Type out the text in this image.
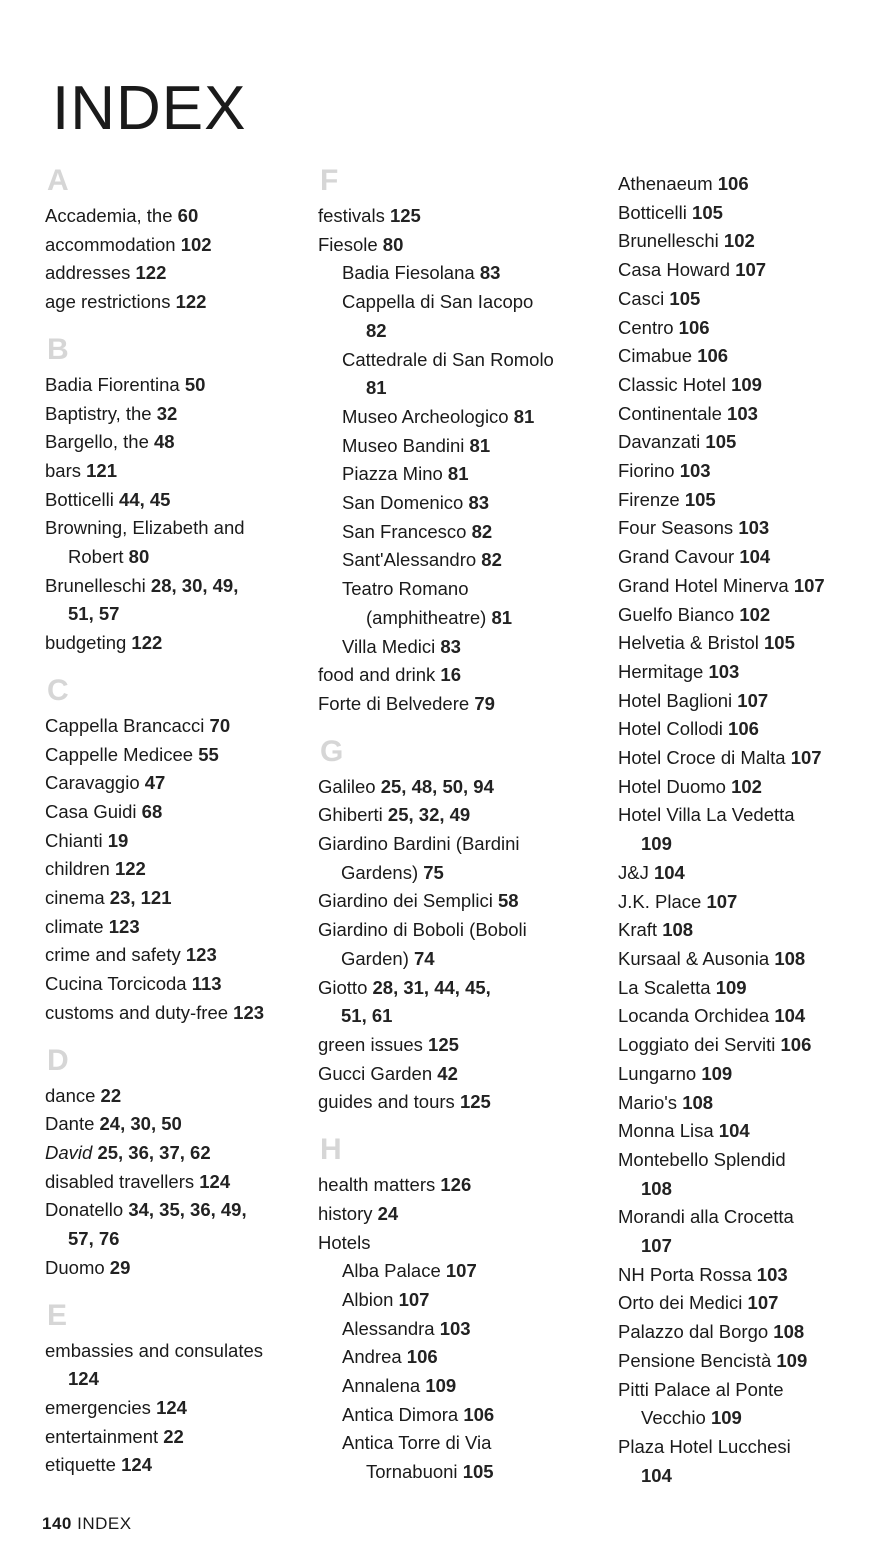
INDEX
A
Accademia, the 60
accommodation 102
addresses 122
age restrictions 122
B
Badia Fiorentina 50
Baptistry, the 32
Bargello, the 48
bars 121
Botticelli 44, 45
Browning, Elizabeth and
Robert 80
Brunelleschi 28, 30, 49,
51, 57
budgeting 122
C
Cappella Brancacci 70
Cappelle Medicee 55
Caravaggio 47
Casa Guidi 68
Chianti 19
children 122
cinema 23, 121
climate 123
crime and safety 123
Cucina Torcicoda 113
customs and duty-free 123
D
dance 22
Dante 24, 30, 50
David 25, 36, 37, 62
disabled travellers 124
Donatello 34, 35, 36, 49,
57, 76
Duomo 29
E
embassies and consulates
124
emergencies 124
entertainment 22
etiquette 124
F
festivals 125
Fiesole 80
Badia Fiesolana 83
Cappella di San Iacopo
82
Cattedrale di San Romolo
81
Museo Archeologico 81
Museo Bandini 81
Piazza Mino 81
San Domenico 83
San Francesco 82
Sant'Alessandro 82
Teatro Romano
(amphitheatre) 81
Villa Medici 83
food and drink 16
Forte di Belvedere 79
G
Galileo 25, 48, 50, 94
Ghiberti 25, 32, 49
Giardino Bardini (Bardini
Gardens) 75
Giardino dei Semplici 58
Giardino di Boboli (Boboli
Garden) 74
Giotto 28, 31, 44, 45,
51, 61
green issues 125
Gucci Garden 42
guides and tours 125
H
health matters 126
history 24
Hotels
Alba Palace 107
Albion 107
Alessandra 103
Andrea 106
Annalena 109
Antica Dimora 106
Antica Torre di Via
Tornabuoni 105
Athenaeum 106
Botticelli 105
Brunelleschi 102
Casa Howard 107
Casci 105
Centro 106
Cimabue 106
Classic Hotel 109
Continentale 103
Davanzati 105
Fiorino 103
Firenze 105
Four Seasons 103
Grand Cavour 104
Grand Hotel Minerva 107
Guelfo Bianco 102
Helvetia & Bristol 105
Hermitage 103
Hotel Baglioni 107
Hotel Collodi 106
Hotel Croce di Malta 107
Hotel Duomo 102
Hotel Villa La Vedetta
109
J&J 104
J.K. Place 107
Kraft 108
Kursaal & Ausonia 108
La Scaletta 109
Locanda Orchidea 104
Loggiato dei Serviti 106
Lungarno 109
Mario's 108
Monna Lisa 104
Montebello Splendid
108
Morandi alla Crocetta
107
NH Porta Rossa 103
Orto dei Medici 107
Palazzo dal Borgo 108
Pensione Bencistà 109
Pitti Palace al Ponte
Vecchio 109
Plaza Hotel Lucchesi
104
140 INDEX
